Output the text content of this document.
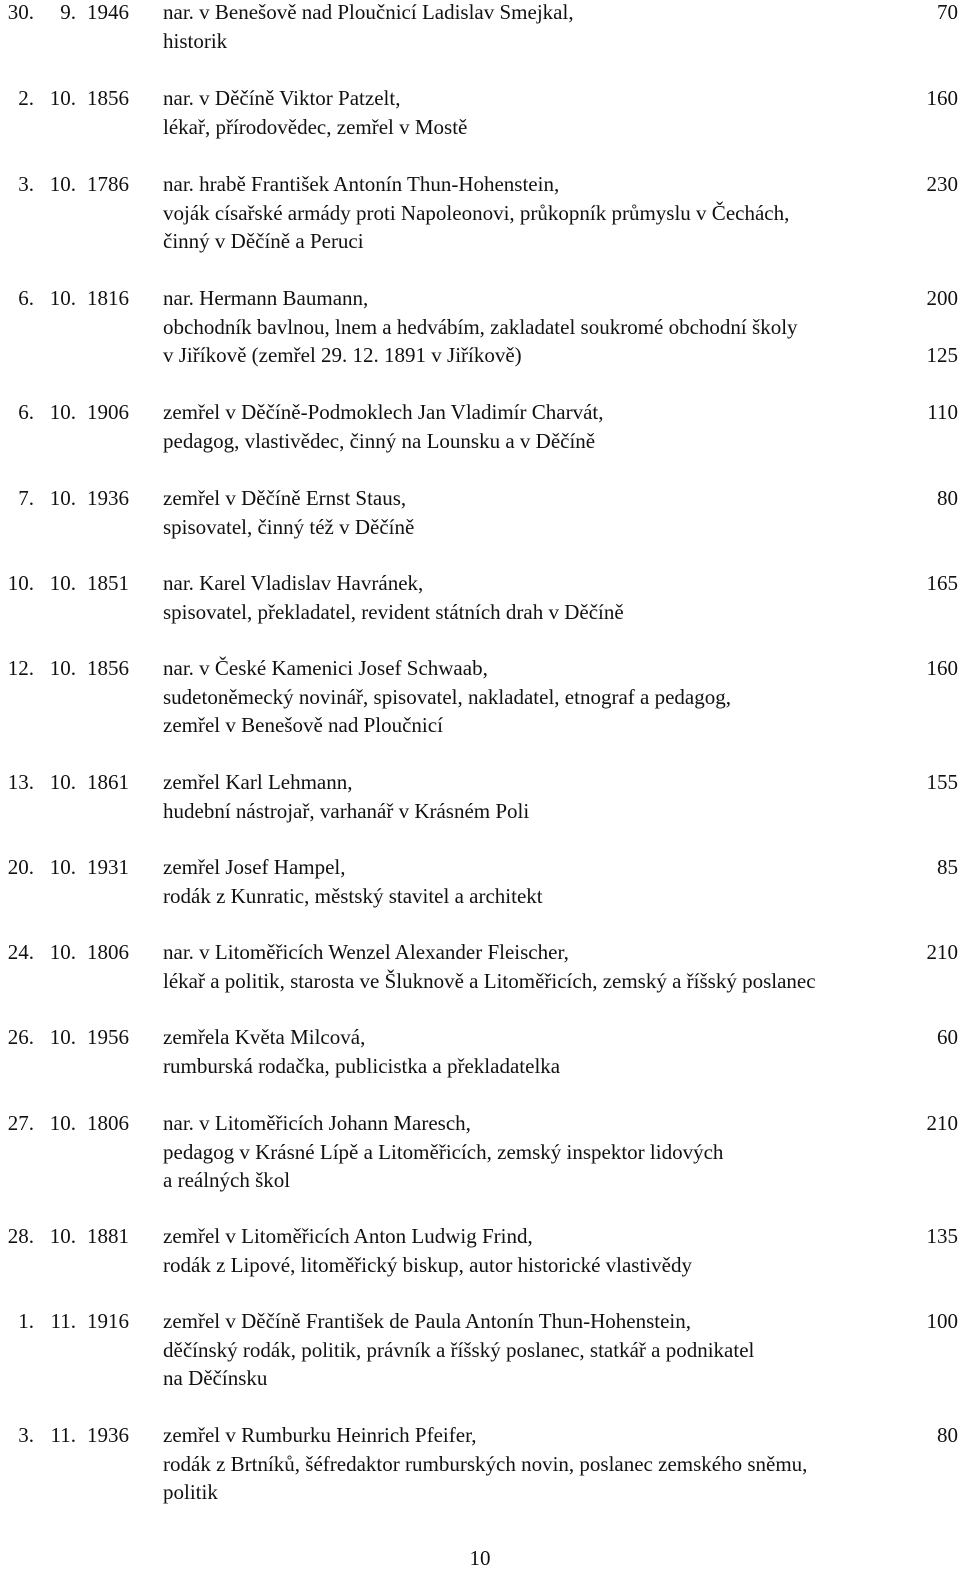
30.	9. 1946	nar. v Benešově nad Ploučnicí Ladislav Smejkal,
historik
70
2. 10. 1856	nar. v Děčíně Viktor Patzelt,
lékař, přírodovědec, zemřel v Mostě
160
3. 10. 1786	nar. hrabě František Antonín Thun-Hohenstein,
voják císařské armády proti Napoleonovi, průkopník průmyslu v Čechách,
činný v Děčíně a Peruci
230
6. 10. 1816	nar. Hermann Baumann,
obchodník bavlnou, lnem a hedvábím, zakladatel soukromé obchodní školy
v Jiříkově (zemřel 29. 12. 1891 v Jiříkově)
200
125
6. 10. 1906	zemřel v Děčíně-Podmoklech Jan Vladimír Charvát,
pedagog, vlastivědec, činný na Lounsku a v Děčíně
110
7. 10. 1936	zemřel v Děčíně Ernst Staus,
spisovatel, činný též v Děčíně
80
10. 10. 1851	nar. Karel Vladislav Havránek,
spisovatel, překladatel, revident státních drah v Děčíně
165
12. 10. 1856	nar. v České Kamenici Josef Schwaab,
sudetoněmecký novinář, spisovatel, nakladatel, etnograf a pedagog,
zemřel v Benešově nad Ploučnicí
160
13. 10. 1861	zemřel Karl Lehmann,
hudební nástrojař, varhanář v Krásném Poli
155
20. 10. 1931	zemřel Josef Hampel,
rodák z Kunratic, městský stavitel a architekt
85
24. 10. 1806	nar. v Litoměřicích Wenzel Alexander Fleischer,
lékař a politik, starosta ve Šluknově a Litoměřicích, zemský a říšský poslanec
210
26. 10. 1956	zemřela Květa Milcová,
rumburská rodačka, publicistka a překladatelka
60
27. 10. 1806	nar. v Litoměřicích Johann Maresch,
pedagog v Krásné Lípě a Litoměřicích, zemský inspektor lidových
a reálných škol
210
28. 10. 1881	zemřel v Litoměřicích Anton Ludwig Frind,
rodák z Lipové, litoměřický biskup, autor historické vlastivědy
135
1. 11. 1916	zemřel v Děčíně František de Paula Antonín Thun-Hohenstein,
děčínský rodák, politik, právník a říšský poslanec, statkář a podnikatel
na Děčínsku
100
3. 11. 1936	zemřel v Rumburku Heinrich Pfeifer,
rodák z Brtníků, šéfredaktor rumburských novin, poslanec zemského sněmu,
politik
80
10
